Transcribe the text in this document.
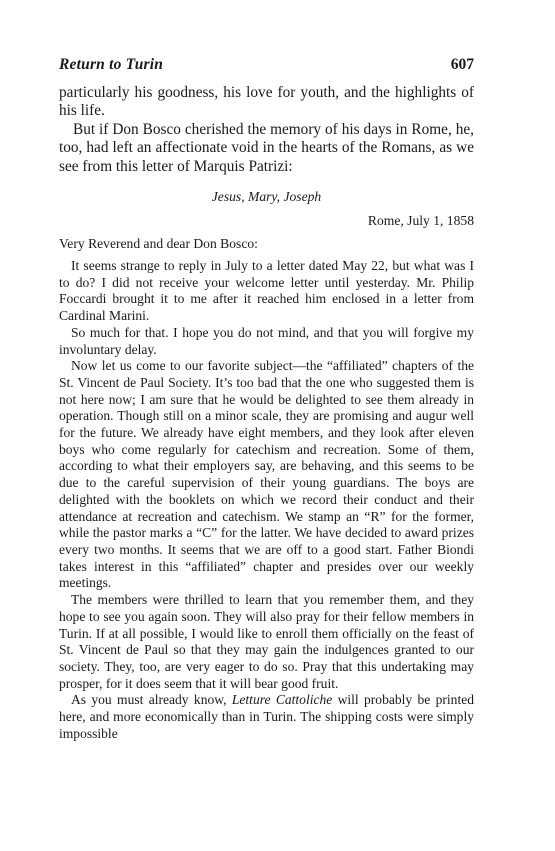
Return to Turin	607

particularly his goodness, his love for youth, and the highlights of his life.

But if Don Bosco cherished the memory of his days in Rome, he, too, had left an affectionate void in the hearts of the Romans, as we see from this letter of Marquis Patrizi:

Jesus, Mary, Joseph
Rome, July 1, 1858
Very Reverend and dear Don Bosco:

It seems strange to reply in July to a letter dated May 22, but what was I to do? I did not receive your welcome letter until yesterday. Mr. Philip Foccardi brought it to me after it reached him enclosed in a letter from Cardinal Marini.

So much for that. I hope you do not mind, and that you will forgive my involuntary delay.

Now let us come to our favorite subject—the “affiliated” chapters of the St. Vincent de Paul Society. It’s too bad that the one who suggested them is not here now; I am sure that he would be delighted to see them already in operation. Though still on a minor scale, they are promising and augur well for the future. We already have eight members, and they look after eleven boys who come regularly for catechism and recreation. Some of them, according to what their employers say, are behaving, and this seems to be due to the careful supervision of their young guardians. The boys are delighted with the booklets on which we record their conduct and their attendance at recreation and catechism. We stamp an “R” for the former, while the pastor marks a “C” for the latter. We have decided to award prizes every two months. It seems that we are off to a good start. Father Biondi takes interest in this “affiliated” chapter and presides over our weekly meetings.

The members were thrilled to learn that you remember them, and they hope to see you again soon. They will also pray for their fellow members in Turin. If at all possible, I would like to enroll them officially on the feast of St. Vincent de Paul so that they may gain the indulgences granted to our society. They, too, are very eager to do so. Pray that this undertaking may prosper, for it does seem that it will bear good fruit.

As you must already know, Letture Cattoliche will probably be printed here, and more economically than in Turin. The shipping costs were simply impossible
